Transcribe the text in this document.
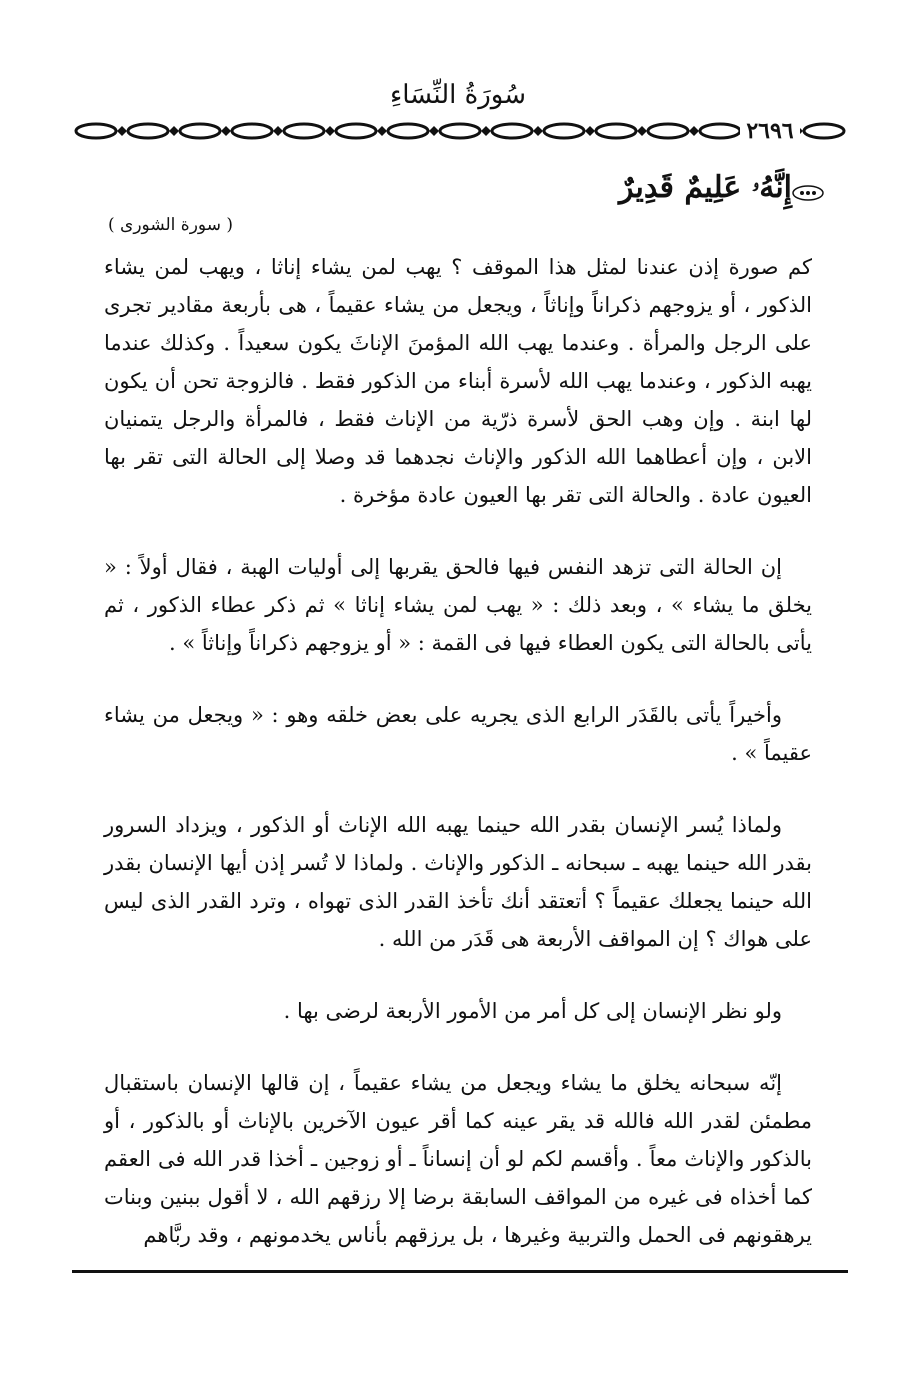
سُورَةُ النِّسَاءِ
٢٦٩٦
إِنَّهُۥ عَلِيمٌ قَدِيرٌ
( سورة الشورى )

كم صورة إذن عندنا لمثل هذا الموقف ؟ يهب لمن يشاء إناثا ، ويهب لمن يشاء الذكور ، أو يزوجهم ذكراناً وإناثاً ، ويجعل من يشاء عقيماً ، هى بأربعة مقادير تجرى على الرجل والمرأة . وعندما يهب الله المؤمنَ الإناثَ يكون سعيداً . وكذلك عندما يهبه الذكور ، وعندما يهب الله لأسرة أبناء من الذكور فقط . فالزوجة تحن أن يكون لها ابنة . وإن وهب الحق لأسرة ذرّية من الإناث فقط ، فالمرأة والرجل يتمنيان الابن ، وإن أعطاهما الله الذكور والإناث نجدهما قد وصلا إلى الحالة التى تقر بها العيون عادة . والحالة التى تقر بها العيون عادة مؤخرة .

إن الحالة التى تزهد النفس فيها فالحق يقربها إلى أوليات الهبة ، فقال أولاً : « يخلق ما يشاء » ، وبعد ذلك : « يهب لمن يشاء إناثا » ثم ذكر عطاء الذكور ، ثم يأتى بالحالة التى يكون العطاء فيها فى القمة : « أو يزوجهم ذكراناً وإناثاً » .

وأخيراً يأتى بالقَدَر الرابع الذى يجريه على بعض خلقه وهو : « ويجعل من يشاء عقيماً » .

ولماذا يُسر الإنسان بقدر الله حينما يهبه الله الإناث أو الذكور ، ويزداد السرور بقدر الله حينما يهبه ـ سبحانه ـ الذكور والإناث . ولماذا لا تُسر إذن أيها الإنسان بقدر الله حينما يجعلك عقيماً ؟ أتعتقد أنك تأخذ القدر الذى تهواه ، وترد القدر الذى ليس على هواك ؟ إن المواقف الأربعة هى قَدَر من الله .

ولو نظر الإنسان إلى كل أمر من الأمور الأربعة لرضى بها .

إنّه سبحانه يخلق ما يشاء ويجعل من يشاء عقيماً ، إن قالها الإنسان باستقبال مطمئن لقدر الله فالله قد يقر عينه كما أقر عيون الآخرين بالإناث أو بالذكور ، أو بالذكور والإناث معاً . وأقسم لكم لو أن إنساناً ـ أو زوجين ـ أخذا قدر الله فى العقم كما أخذاه فى غيره من المواقف السابقة برضا إلا رزقهم الله ، لا أقول ببنين وبنات يرهقونهم فى الحمل والتربية وغيرها ، بل يرزقهم بأناس يخدمونهم ، وقد ربَّاهم
